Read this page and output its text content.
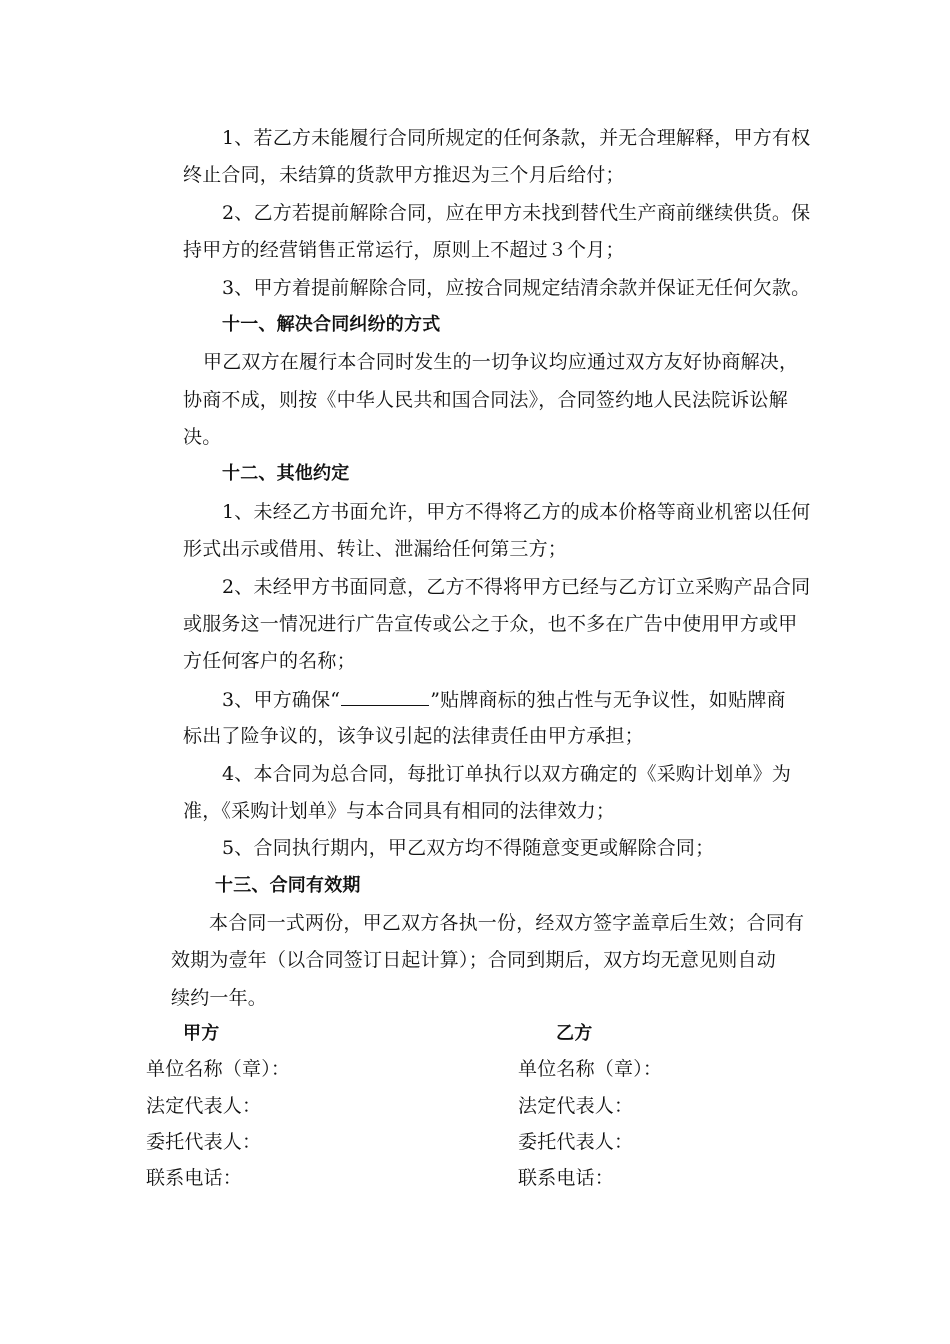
1、若乙方未能履行合同所规定的任何条款，并无合理解释，甲方有权
终止合同，未结算的货款甲方推迟为三个月后给付；
2、乙方若提前解除合同，应在甲方未找到替代生产商前继续供货。保
持甲方的经营销售正常运行，原则上不超过３个月；
3、甲方着提前解除合同，应按合同规定结清余款并保证无任何欠款。
十一、解决合同纠纷的方式
甲乙双方在履行本合同时发生的一切争议均应通过双方友好协商解决，
协商不成，则按《中华人民共和国合同法》，合同签约地人民法院诉讼解
决。
十二、其他约定
1、未经乙方书面允许，甲方不得将乙方的成本价格等商业机密以任何
形式出示或借用、转让、泄漏给任何第三方；
2、未经甲方书面同意，乙方不得将甲方已经与乙方订立采购产品合同
或服务这一情况进行广告宣传或公之于众，也不多在广告中使用甲方或甲
方任何客户的名称；
3、甲方确保“	”贴牌商标的独占性与无争议性，如贴牌商
标出了险争议的，该争议引起的法律责任由甲方承担；
4、本合同为总合同，每批订单执行以双方确定的《采购计划单》为
准，《采购计划单》与本合同具有相同的法律效力；
5、合同执行期内，甲乙双方均不得随意变更或解除合同；
十三、合同有效期
本合同一式两份，甲乙双方各执一份，经双方签字盖章后生效；合同有
效期为壹年（以合同签订日起计算）；合同到期后，双方均无意见则自动
续约一年。
甲方
单位名称（章）：
法定代表人：
委托代表人：
联系电话：
乙方
单位名称（章）：
法定代表人：
委托代表人：
联系电话：
